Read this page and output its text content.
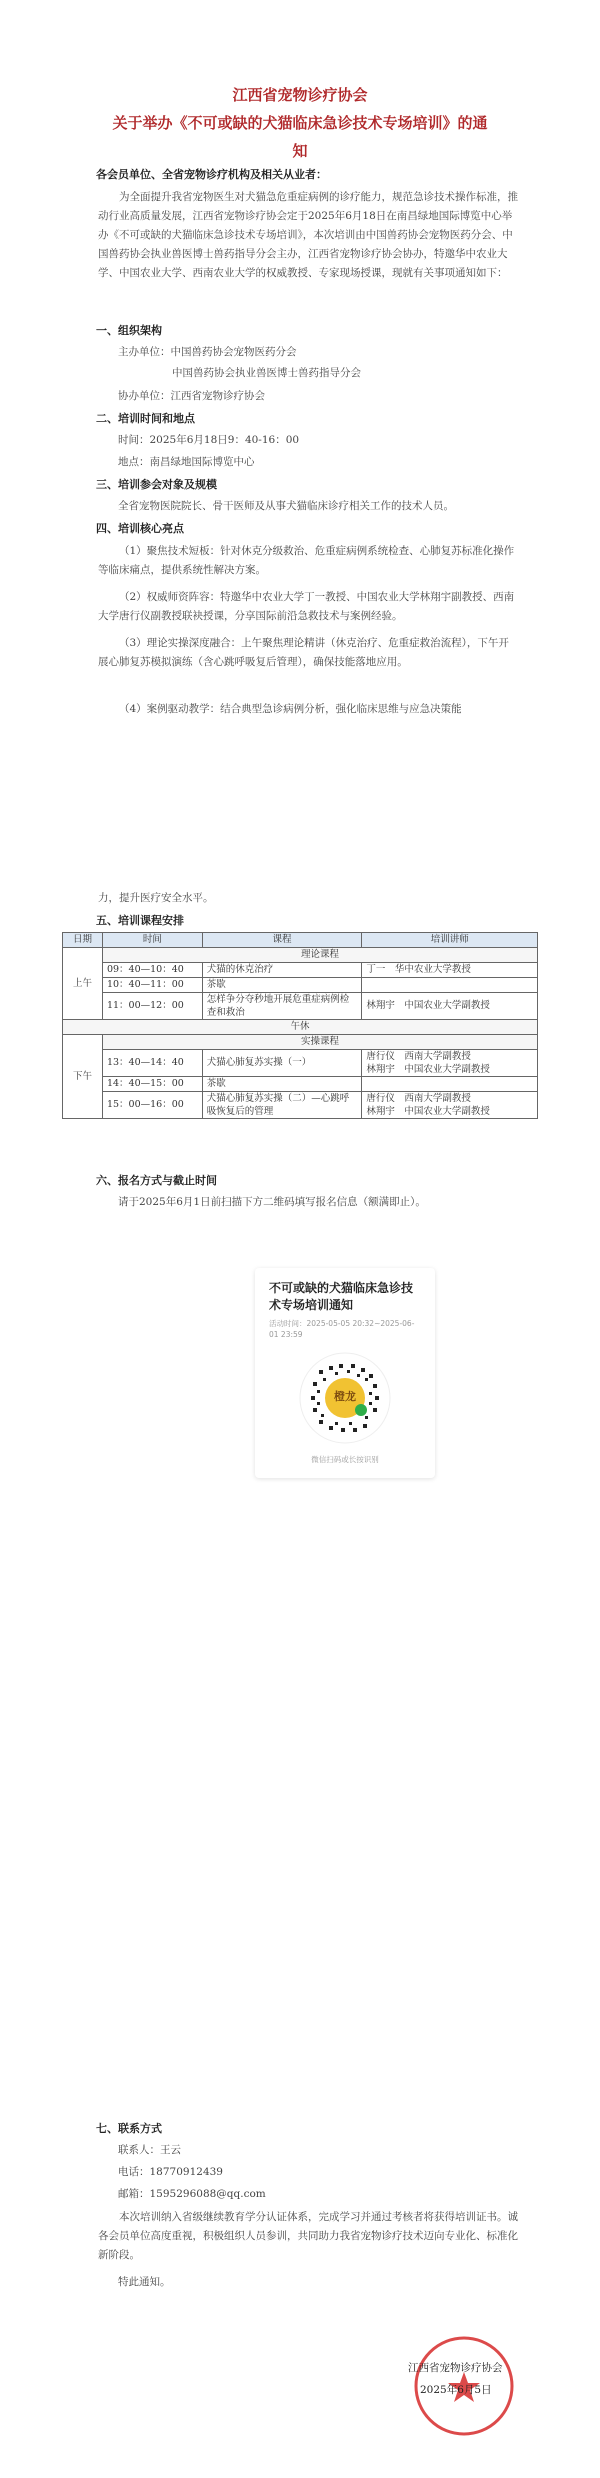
江西省宠物诊疗协会
关于举办《不可或缺的犬猫临床急诊技术专场培训》的通
知
各会员单位、全省宠物诊疗机构及相关从业者：
为全面提升我省宠物医生对犬猫急危重症病例的诊疗能力，规范急诊技术操作标准，推动行业高质量发展，江西省宠物诊疗协会定于2025年6月18日在南昌绿地国际博览中心举办《不可或缺的犬猫临床急诊技术专场培训》，本次培训由中国兽药协会宠物医药分会、中国兽药协会执业兽医博士兽药指导分会主办，江西省宠物诊疗协会协办，特邀华中农业大学、中国农业大学、西南农业大学的权威教授、专家现场授课，现就有关事项通知如下：
一、组织架构
主办单位：中国兽药协会宠物医药分会
中国兽药协会执业兽医博士兽药指导分会
协办单位：江西省宠物诊疗协会
二、培训时间和地点
时间：2025年6月18日9：40-16：00
地点：南昌绿地国际博览中心
三、培训参会对象及规模
全省宠物医院院长、骨干医师及从事犬猫临床诊疗相关工作的技术人员。
四、培训核心亮点
（1）聚焦技术短板：针对休克分级救治、危重症病例系统检查、心肺复苏标准化操作等临床痛点，提供系统性解决方案。
（2）权威师资阵容：特邀华中农业大学丁一教授、中国农业大学林翔宇副教授、西南大学唐行仪副教授联袂授课，分享国际前沿急救技术与案例经验。
（3）理论实操深度融合：上午聚焦理论精讲（休克治疗、危重症救治流程），下午开展心肺复苏模拟演练（含心跳呼吸复后管理），确保技能落地应用。
（4）案例驱动教学：结合典型急诊病例分析，强化临床思维与应急决策能
力，提升医疗安全水平。
五、培训课程安排
日期	时间	课程	培训讲师
上午	理论课程		
	09：40—10：40	犬猫的休克治疗	丁一　华中农业大学教授
	10：40—11：00	茶歇	
	11：00—12：00	怎样争分夺秒地开展危重症病例检查和救治	林翔宇　中国农业大学副教授
午休			
下午	实操课程		
	13：40—14：40	犬猫心肺复苏实操（一）	唐行仪　西南大学副教授
林翔宇　中国农业大学副教授
	14：40—15：00	茶歇	
	15：00—16：00	犬猫心肺复苏实操（二）—心跳呼吸恢复后的管理	唐行仪　西南大学副教授
林翔宇　中国农业大学副教授
六、报名方式与截止时间
请于2025年6月1日前扫描下方二维码填写报名信息（额满即止）。
不可或缺的犬猫临床急诊技术专场培训通知
活动时间：2025-05-05 20:32~2025-06-01 23:59
橙龙
微信扫码或长按识别
七、联系方式
联系人：王云
电话：18770912439
邮箱：1595296088@qq.com
本次培训纳入省级继续教育学分认证体系，完成学习并通过考核者将获得培训证书。诚各会员单位高度重视，积极组织人员参训，共同助力我省宠物诊疗技术迈向专业化、标准化新阶段。
特此通知。
江西省宠物诊疗协会
2025年6月5日
